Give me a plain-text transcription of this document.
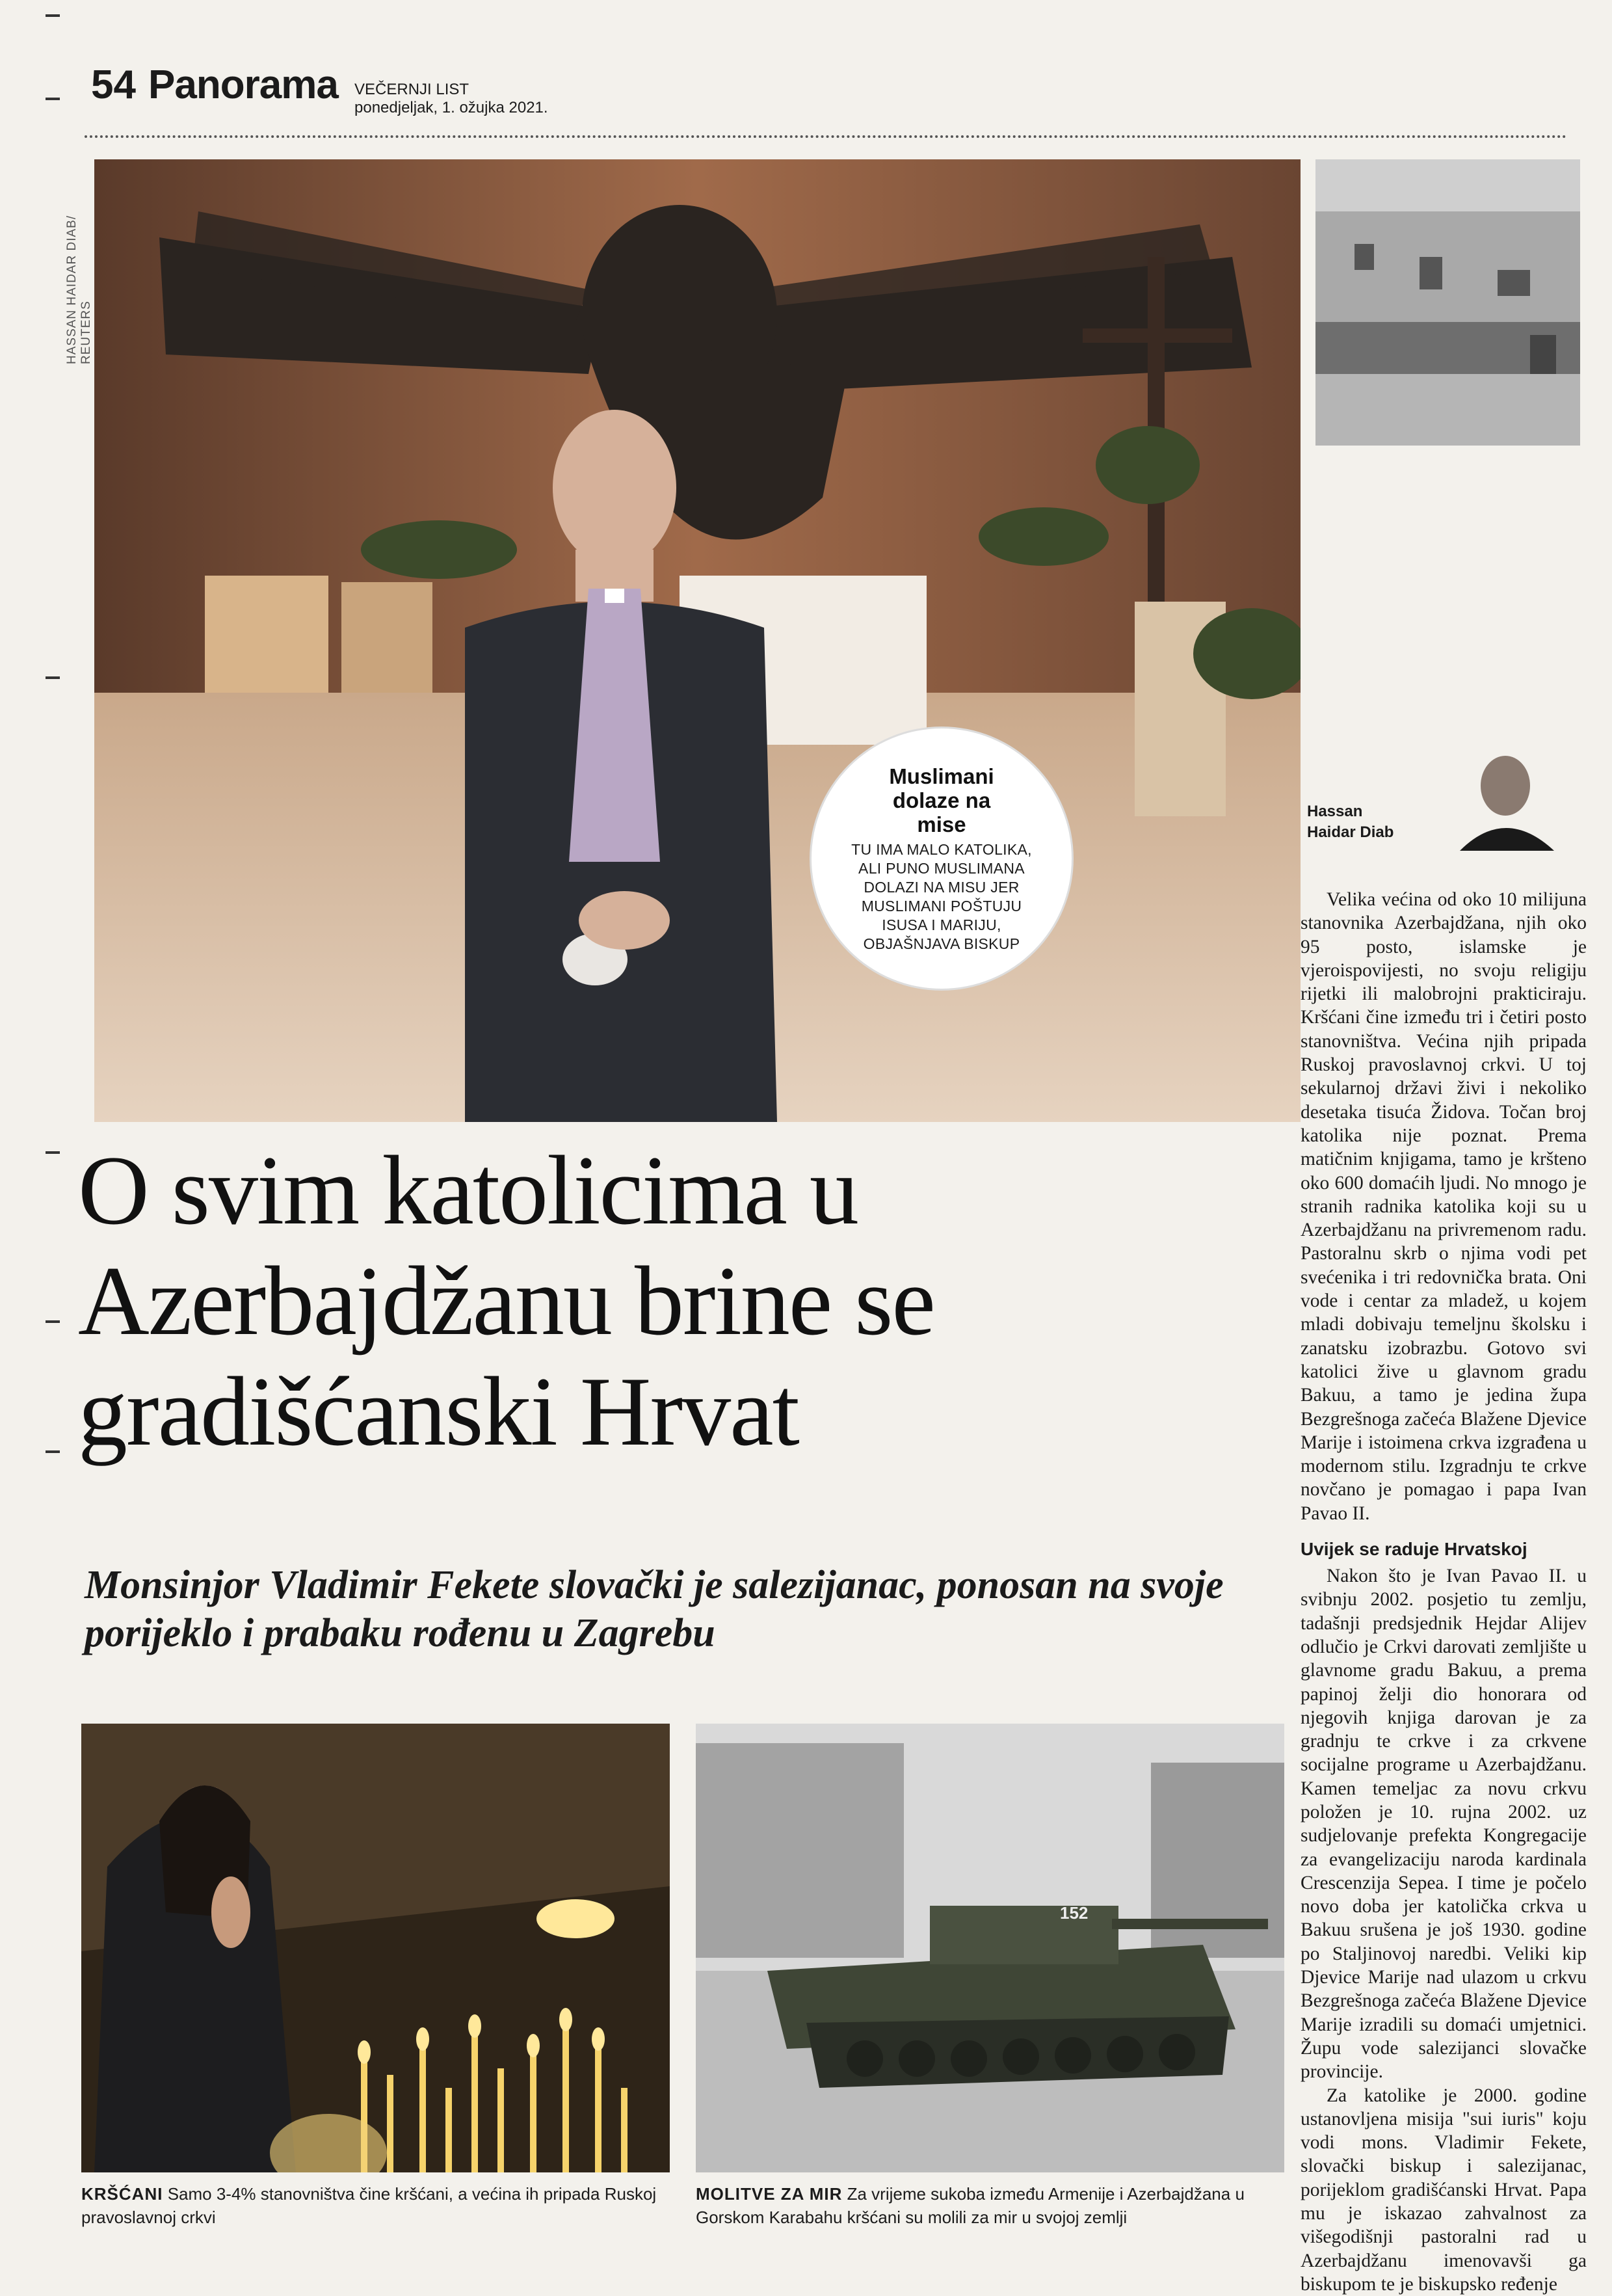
54 Panorama VEČERNJI LIST
ponedjeljak, 1. ožujka 2021.
HASSAN HAIDAR DIAB/ REUTERS
Muslimani dolaze na mise
TU IMA MALO KATOLIKA, ALI PUNO MUSLIMANA DOLAZI NA MISU JER MUSLIMANI POŠTUJU ISUSA I MARIJU, OBJAŠNJAVA BISKUP
Hassan Haidar Diab
O svim katolicima u Azerbajdžanu brine se gradišćanski Hrvat
Monsinjor Vladimir Fekete slovački je salezijanac, ponosan na svoje porijeklo i prabaku rođenu u Zagrebu
152
KRŠĆANI Samo 3-4% stanovništva čine kršćani, a većina ih pripada Ruskoj pravoslavnoj crkvi
MOLITVE ZA MIR Za vrijeme sukoba između Armenije i Azerbajdžana u Gorskom Karabahu kršćani su molili za mir u svojoj zemlji

Velika većina od oko 10 milijuna stanovnika Azerbajdžana, njih oko 95 posto, islamske je vjeroispovijesti, no svoju religiju rijetki ili malobrojni prakticiraju. Kršćani čine između tri i četiri posto stanovništva. Većina njih pripada Ruskoj pravoslavnoj crkvi. U toj sekularnoj državi živi i nekoliko desetaka tisuća Židova. Točan broj katolika nije poznat. Prema matičnim knjigama, tamo je kršteno oko 600 domaćih ljudi. No mnogo je stranih radnika katolika koji su u Azerbajdžanu na privremenom radu. Pastoralnu skrb o njima vodi pet svećenika i tri redovnička brata. Oni vode i centar za mladež, u kojem mladi dobivaju temeljnu školsku i zanatsku izobrazbu. Gotovo svi katolici žive u glavnom gradu Bakuu, a tamo je jedina župa Bezgrešnoga začeća Blažene Djevice Marije i istoimena crkva izgrađena u modernom stilu. Izgradnju te crkve novčano je pomagao i papa Ivan Pavao II.

Uvijek se raduje Hrvatskoj

Nakon što je Ivan Pavao II. u svibnju 2002. posjetio tu zemlju, tadašnji predsjednik Hejdar Alijev odlučio je Crkvi darovati zemljište u glavnome gradu Bakuu, a prema papinoj želji dio honorara od njegovih knjiga darovan je za gradnju te crkve i za crkvene socijalne programe u Azerbajdžanu. Kamen temeljac za novu crkvu položen je 10. rujna 2002. uz sudjelovanje prefekta Kongregacije za evangelizaciju naroda kardinala Crescenzija Sepea. I time je počelo novo doba jer katolička crkva u Bakuu srušena je još 1930. godine po Staljinovoj naredbi. Veliki kip Djevice Marije nad ulazom u crkvu Bezgrešnoga začeća Blažene Djevice Marije izradili su domaći umjetnici. Župu vode salezijanci slovačke provincije.

Za katolike je 2000. godine ustanovljena misija "sui iuris" koju vodi mons. Vladimir Fekete, slovački biskup i salezijanac, porijeklom gradišćanski Hrvat. Papa mu je iskazao zahvalnost za višegodišnji pastoralni rad u Azerbajdžanu imenovavši ga biskupom te je biskupsko ređenje
